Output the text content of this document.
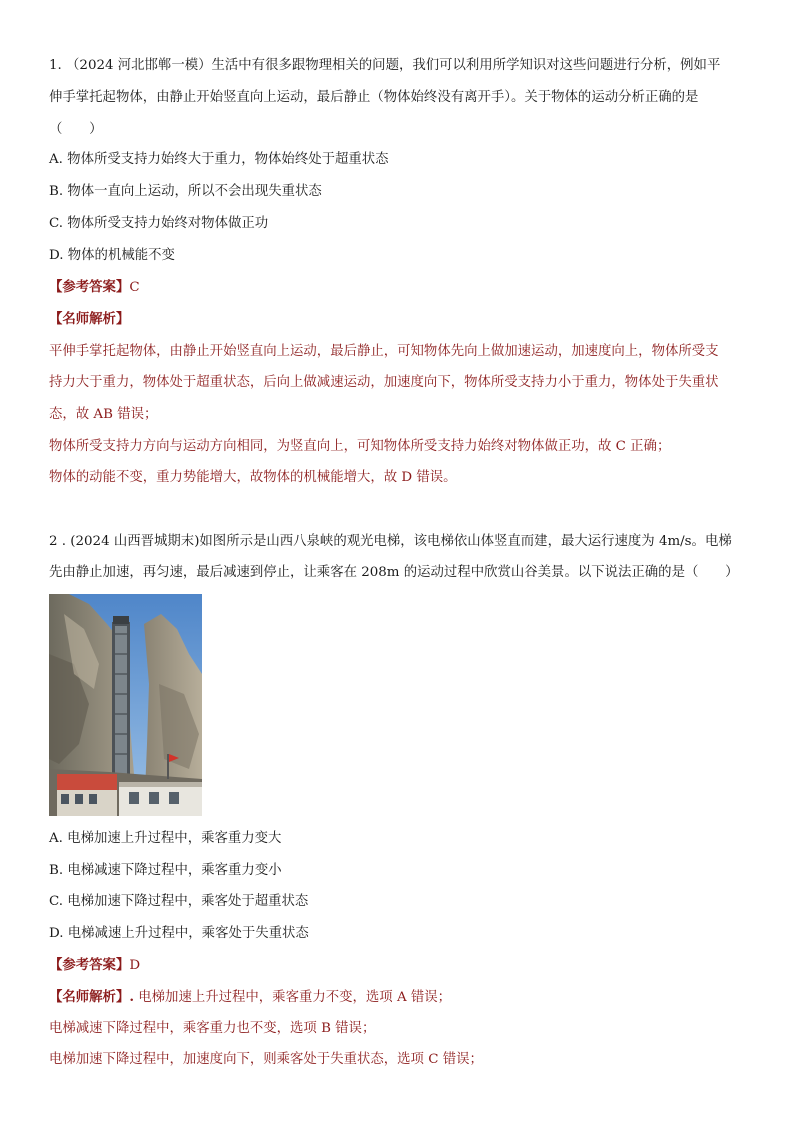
1. （2024 河北邯郸一模）生活中有很多跟物理相关的问题，我们可以利用所学知识对这些问题进行分析，例如平
伸手掌托起物体，由静止开始竖直向上运动，最后静止（物体始终没有离开手）。关于物体的运动分析正确的是
（　　）
A. 物体所受支持力始终大于重力，物体始终处于超重状态
B. 物体一直向上运动，所以不会出现失重状态
C. 物体所受支持力始终对物体做正功
D. 物体的机械能不变
【参考答案】C
【名师解析】
平伸手掌托起物体，由静止开始竖直向上运动，最后静止，可知物体先向上做加速运动，加速度向上，物体所受支
持力大于重力，物体处于超重状态，后向上做减速运动，加速度向下，物体所受支持力小于重力，物体处于失重状
态，故 AB 错误；
物体所受支持力方向与运动方向相同，为竖直向上，可知物体所受支持力始终对物体做正功，故 C 正确；
物体的动能不变，重力势能增大，故物体的机械能增大，故 D 错误。
2 . (2024 山西晋城期末)如图所示是山西八泉峡的观光电梯，该电梯依山体竖直而建，最大运行速度为 4m/s。电梯
先由静止加速，再匀速，最后减速到停止，让乘客在 208m 的运动过程中欣赏山谷美景。以下说法正确的是（　　）
A. 电梯加速上升过程中，乘客重力变大
B. 电梯减速下降过程中，乘客重力变小
C. 电梯加速下降过程中，乘客处于超重状态
D. 电梯减速上升过程中，乘客处于失重状态
【参考答案】D
【名师解析】. 电梯加速上升过程中，乘客重力不变，选项 A 错误；
电梯减速下降过程中，乘客重力也不变，选项 B 错误；
电梯加速下降过程中，加速度向下，则乘客处于失重状态，选项 C 错误；
